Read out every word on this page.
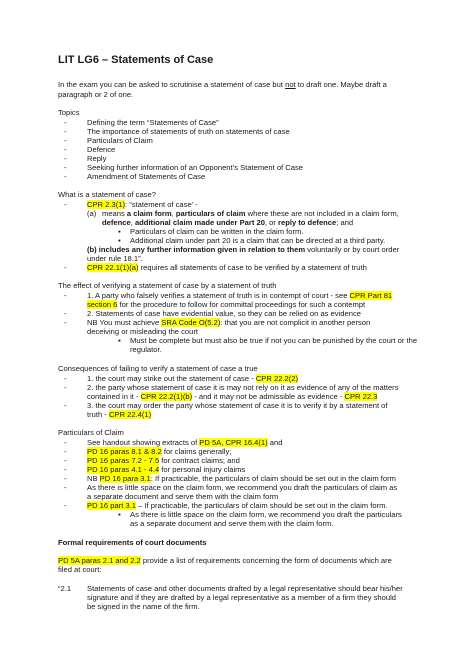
LIT LG6 – Statements of Case
In the exam you can be asked to scrutinise a statement of case but not to draft one. Maybe draft a
paragraph or 2 of one.
Topics
-	Defining the term “Statements of Case”
-	The importance of statements of truth on statements of case
-	Particulars of Claim
-	Defence
-	Reply
-	Seeking further information of an Opponent’s Statement of Case
-	Amendment of Statements of Case
What is a statement of case?
-	CPR 2.3(1): “statement of case’ -
(a) means a claim form, particulars of claim where these are not included in a claim form,
defence, additional claim made under Part 20, or reply to defence; and
▪ Particulars of claim can be written in the claim form.
▪ Additional claim under part 20 is a claim that can be directed at a third party.
(b) includes any further information given in relation to them voluntarily or by court order
under rule 18.1”.
-	CPR 22.1(1)(a) requires all statements of case to be verified by a statement of truth
The effect of verifying a statement of case by a statement of truth
-	1. A party who falsely verifies a statement of truth is in contempt of court - see CPR Part 81
section 6 for the procedure to follow for committal proceedings for such a contempt
-	2. Statements of case have evidential value, so they can be relied on as evidence
-	NB You must achieve SRA Code O(5.2): that you are not complicit in another person
deceiving or misleading the court
▪ Must be complete but must also be true if not you can be punished by the court or the
regulator.
Consequences of failing to verify a statement of case a true
-	1. the court may strike out the statement of case - CPR 22.2(2)
-	2. the party whose statement of case it is may not rely on it as evidence of any of the matters
contained in it - CPR 22.2(1)(b) - and it may not be admissible as evidence - CPR 22.3
-	3. the court may order the party whose statement of case it is to verify it by a statement of
truth - CPR 22.4(1)
Particulars of Claim
-	See handout showing extracts of PD 5A, CPR 16.4(1) and
-	PD 16 paras 8.1 & 8.2 for claims generally;
-	PD 16 paras 7.2 - 7.5 for contract claims; and
-	PD 16 paras 4.1 - 4.4 for personal injury claims
-	NB PD 16 para 3.1: If practicable, the particulars of claim should be set out in the claim form
-	As there is little space on the claim form, we recommend you draft the particulars of claim as
a separate document and serve them with the claim form
-	PD 16 part 3.1 – If practicable, the particulars of claim should be set out in the claim form.
▪ As there is little space on the claim form, we recommend you draft the particulars
as a separate document and serve them with the claim form.
Formal requirements of court documents
PD 5A paras 2.1 and 2.2 provide a list of requirements concerning the form of documents which are
filed at court:
“2.1 Statements of case and other documents drafted by a legal representative should bear his/her
signature and if they are drafted by a legal representative as a member of a firm they should
be signed in the name of the firm.
